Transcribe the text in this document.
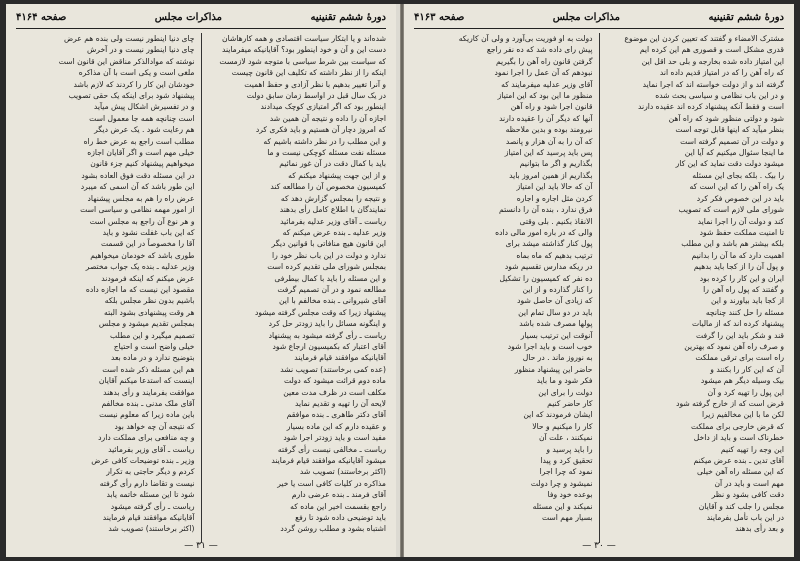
دورۀ ششم تقنینیه
مذاکرات مجلس
صفحه ۴۱۶۴
شده‌اند و یا ابتکار سیاست اقتصادی و همه کارهاشان
دست این و آن و خود اینطور بود؟ آقایانیکه میفرمایند
که سیاست بین شرط سیاسی با متوجه شود لازمست
اینکه را از نظر داشته که تکلیف این قانون چیست
و آنرا تغییر بدهیم با نظر آزادی و حفظ اهمیت
در یک سال قبل در اواسط زمان سابق دولت
اینطور بود که اگر امتیازی کوچک میدادند
اجازه آن را داده و نتیجه آن همین شد
که امروز دچار آن هستیم و باید فکری کرد
و این مطلب را در نظر داشته باشیم که
مسئله نفت مسئله کوچکی نیست و ما
باید با کمال دقت در آن غور نمائیم
و از این جهت پیشنهاد میکنم که
کمیسیون مخصوص آن را مطالعه کند
و نتیجه را بمجلس گزارش دهد که
نمایندگان با اطلاع کامل رأی بدهند
ریاست ـ آقای وزیر عدلیه بفرمائید
وزیر عدلیه ـ بنده عرض میکنم که
این قانون هیچ منافاتی با قوانین دیگر
ندارد و دولت در این باب نظر خود را
بمجلس شورای ملی تقدیم کرده است
و این مسئله را باید با کمال بیطرفی
مطالعه نمود و در آن تصمیم گرفت
آقای شیروانی ـ بنده مخالفم با این
پیشنهاد زیرا که وقت مجلس گرفته میشود
و اینگونه مسائل را باید زودتر حل کرد
ریاست ـ رأی گرفته میشود به پیشنهاد
آقای اعتبار که بکمیسیون ارجاع شود
آقایانیکه موافقند قیام فرمایند
(عده کمی برخاستند) تصویب نشد
ماده دوم قرائت میشود که دولت
مکلف است در ظرف مدت معین
لایحه آن را تهیه و تقدیم نماید
آقای دکتر طاهری ـ بنده موافقم
و عقیده دارم که این ماده بسیار
مفید است و باید زودتر اجرا شود
ریاست ـ مخالفی نیست رأی گرفته
میشود آقایانیکه موافقند قیام فرمایند
(اکثر برخاستند) تصویب شد
مذاکره در کلیات کافی است یا خیر
آقای فرمند ـ بنده عرضی دارم
راجع بقسمت اخیر این ماده که
باید توضیحی داده شود تا رفع
اشتباه بشود و مطلب روشن گردد
چای دنیا اینطور نیست ولی بنده هم عرض
چای دنیا اینطور نیست و در آخرش
نوشته که موادالذکر مناقض این قانون است
ملغی است و یکی است با آن مذاکره
خودشان این کار را کردند که لازم باشد
پیشنهاد شود برای اینکه یک حقی تصویب
و در تفسیرش اشکال پیش میآید
است چنانچه همه جا معمول است
هم رعایت شود . یک عرض دیگر
مطلب است راجع به عرض خط راه
خیلی مهم است و اگر آقایان اجازه
میخواهیم پیشنهاد کنیم جزء قانون
در این مسئله دقت فوق العاده بشود
این طور باشد که آن اسمی که میبرد
عرض راه را هم به مجلس پیشنهاد
از امور مهمه نظامی و سیاسی است
و هر نوع آن راجع به مجلس است
که این باب غفلت نشود و باید
آقا را مخصوصاً در این قسمت
طوری باشد که خودمان میخواهیم
وزیر عدلیه ـ بنده یک جواب مختصر
عرض میکنم که اینکه فرمودند
مقصود این نیست که ما اجازه داده
باشیم بدون نظر مجلس بلکه
هر وقت پیشنهادی بشود البته
بمجلس تقدیم میشود و مجلس
تصمیم میگیرد و این مطلب
خیلی واضح است و احتیاج
بتوضیح ندارد و در ماده بعد
هم این مسئله ذکر شده است
اینست که استدعا میکنم آقایان
موافقت بفرمایند و رأی بدهند
آقای ملک مدنی ـ بنده مخالفم
باین ماده زیرا که معلوم نیست
که نتیجه آن چه خواهد بود
و چه منافعی برای مملکت دارد
ریاست ـ آقای وزیر بفرمائید
وزیر ـ بنده توضیحات کافی عرض
کردم و دیگر حاجتی به تکرار
نیست و تقاضا دارم رأی گرفته
شود تا این مسئله خاتمه یابد
ریاست ـ رأی گرفته میشود
آقایانیکه موافقند قیام فرمایند
(اکثر برخاستند) تصویب شد
— ۳۱ —
دورۀ ششم تقنینیه
مذاکرات مجلس
صفحه ۴۱۶۳
مشترک الامضاء و گفتند که تعیین کردن این موضوع
قدری مشکل است و قصوری هم این کرده ایم
این امتیاز داده شده بخارجه و بلی حد اقل این
که راه آهن را که در امتیاز قدیم داده اند
گرفته اند و از دولت خواسته اند که اجرا نماید
و در این باب نظامی و سیاسی بحث شده
است و فقط آنکه پیشنهاد کرده اند عقیده دارند
شود و دولتی منظور شود که راه آهن
بنظر میآید که اینها قابل توجه است
و دولت در آن تصمیم گرفته است
ما اینجا سئوال میکنیم که آیا این
میشود دولت دقت نماید که این کار
را بیک . بلکه بجای این مسئله
یک راه آهن را که این است که
باید در این خصوص فکر کرد
شورای ملی لازم است که تصویب
کند و دولت آن را اجرا نماید
تا امنیت مملکت حفظ شود
بلکه بیشتر هم باشد و این مطلب
اهمیت دارد که ما آن را بدانیم
و پول آن را از کجا باید بدهیم
ایران و این کار را کرده بود
و گفتند که پول راه آهن را
از کجا باید بیاورند و این
مسئله را حل کنند چنانچه
پیشنهاد کرده اند که از مالیات
قند و شکر باید این را گرفت
و صرف راه آهن نمود که بهترین
راه است برای ترقی مملکت
آن که این کار را بکنند و
بیک وسیله دیگر هم میشود
این پول را تهیه کرد و آن
قرض است که از خارج گرفته شود
لکن ما با این مخالفیم زیرا
که قرض خارجی برای مملکت
خطرناک است و باید از داخل
این وجه را تهیه کنیم
آقای تدین ـ بنده عرض میکنم
که این مسئله راه آهن خیلی
مهم است و باید در آن
دقت کافی بشود و نظر
مجلس را جلب کند و آقایان
در این باب تأمل بفرمایند
و بعد رأی بدهند
دولت به او فوریت بی‌آورد و ولی آن کاریکه
پیش رای داده شد که ده نفر راجع
گرفتن قانون راه آهن را بگیریم
نبودهم که آن عمل را اجرا نمود
آقای وزیر عدلیه میفرمایند که
منظور ما این بود که این امتیاز
قانون اجرا شود و راه آهن
آنها که دیگر آن را عقیده دارند
نیرومند بوده و بدین ملاحظه
که آن را به آن هزار و پانصد
پس باید پرسید که این امتیاز
بگذاریم و اگر ما بتوانیم
بگذاریم از همین امروز باید
آن که حالا باید این امتیاز
کردن مثل اجاره و اجاره
فرق ندارد ، بنده آن را دانستم
الانقاذ بکنیم . بلی وقتی
والی که در باره امور مالی داده
پول کنار گذاشته میشد برای
ترتیب بدهیم که ماه بماه
در ریکه مدارس تقسیم شود
ده نفر که کمیسیون را تشکیل
را کنار گذارده و از این
که زیادی آن حاصل شود
باید در دو سال تمام این
پولها مصرف شده باشد
آنوقت این ترتیب بسیار
خوب است و باید اجرا شود
به نوروز ماند . در حال
حاضر این پیشنهاد منظور
فکر شود و ما باید
دولت را برای این
کار حاضر کنیم
ایشان فرمودند که این
کار را میکنیم و حالا
نمیکنند ، علت آن
را باید پرسید و
تحقیق کرد و پیدا
نمود که چرا اجرا
نمیشود و چرا دولت
بوعده خود وفا
نمیکند و این مسئله
بسیار مهم است
— ۳۰ —
